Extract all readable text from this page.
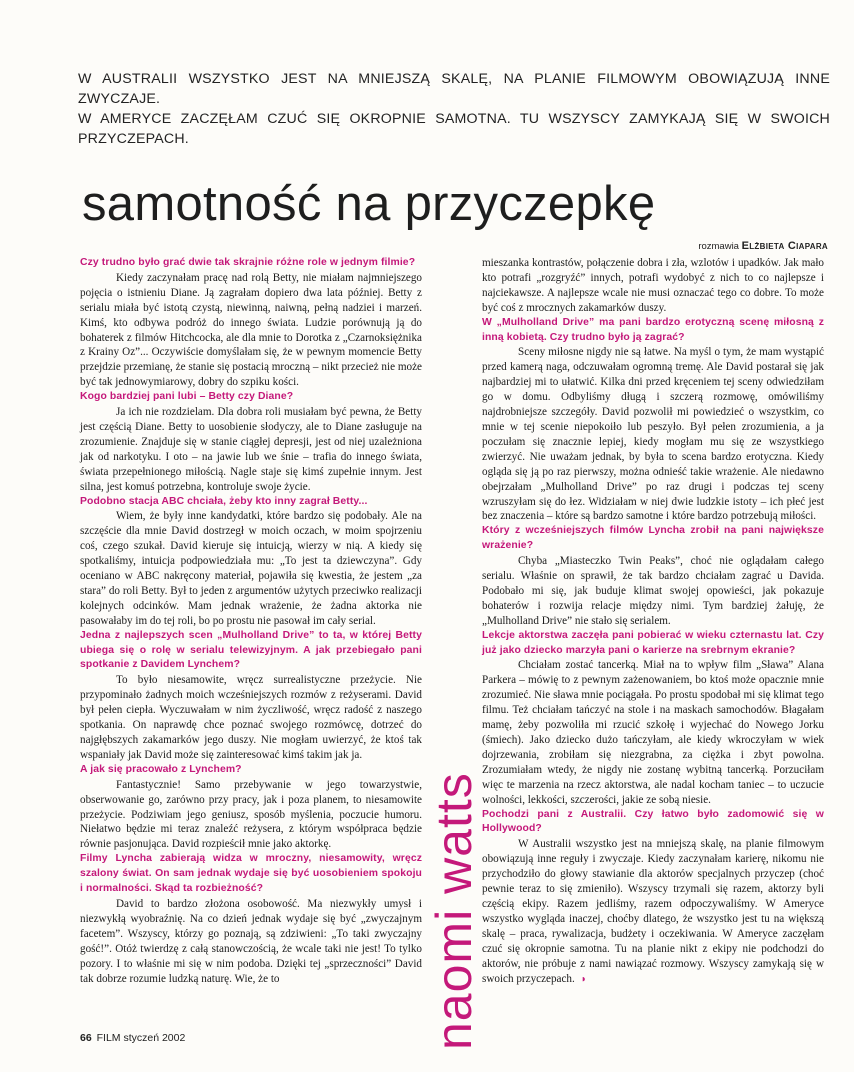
W AUSTRALII WSZYSTKO JEST NA MNIEJSZĄ SKALĘ, NA PLANIE FILMOWYM OBOWIĄZUJĄ INNE ZWYCZAJE.
W AMERYCE ZACZĘŁAM CZUĆ SIĘ OKROPNIE SAMOTNA. TU WSZYSCY ZAMYKAJĄ SIĘ W SWOICH PRZYCZEPACH.
samotność na przyczepkę
rozmawia Elżbieta Ciapara
Czy trudno było grać dwie tak skrajnie różne role w jednym filmie?

Kiedy zaczynałam pracę nad rolą Betty, nie miałam najmniejszego pojęcia o istnieniu Diane. Ją zagrałam dopiero dwa lata później. Betty z serialu miała być istotą czystą, niewinną, naiwną, pełną nadziei i marzeń. Kimś, kto odbywa podróż do innego świata. Ludzie porównują ją do bohaterek z filmów Hitchcocka, ale dla mnie to Dorotka z „Czarnoksiężnika z Krainy Oz”... Oczywiście domyślałam się, że w pewnym momencie Betty przejdzie przemianę, że stanie się postacią mroczną – nikt przecież nie może być tak jednowymiarowy, dobry do szpiku kości.

Kogo bardziej pani lubi – Betty czy Diane?

Ja ich nie rozdzielam. Dla dobra roli musiałam być pewna, że Betty jest częścią Diane. Betty to uosobienie słodyczy, ale to Diane zasługuje na zrozumienie. Znajduje się w stanie ciągłej depresji, jest od niej uzależniona jak od narkotyku. I oto – na jawie lub we śnie – trafia do innego świata, świata przepełnionego miłością. Nagle staje się kimś zupełnie innym. Jest silna, jest komuś potrzebna, kontroluje swoje życie.

Podobno stacja ABC chciała, żeby kto inny zagrał Betty...

Wiem, że były inne kandydatki, które bardzo się podobały. Ale na szczęście dla mnie David dostrzegł w moich oczach, w moim spojrzeniu coś, czego szukał. David kieruje się intuicją, wierzy w nią. A kiedy się spotkaliśmy, intuicja podpowiedziała mu: „To jest ta dziewczyna”. Gdy oceniano w ABC nakręcony materiał, pojawiła się kwestia, że jestem „za stara” do roli Betty. Był to jeden z argumentów użytych przeciwko realizacji kolejnych odcinków. Mam jednak wrażenie, że żadna aktorka nie pasowałaby im do tej roli, bo po prostu nie pasował im cały serial.

Jedna z najlepszych scen „Mulholland Drive” to ta, w której Betty ubiega się o rolę w serialu telewizyjnym. A jak przebiegało pani spotkanie z Davidem Lynchem?

To było niesamowite, wręcz surrealistyczne przeżycie. Nie przypominało żadnych moich wcześniejszych rozmów z reżyserami. David był pełen ciepła. Wyczuwałam w nim życzliwość, wręcz radość z naszego spotkania. On naprawdę chce poznać swojego rozmówcę, dotrzeć do najgłębszych zakamarków jego duszy. Nie mogłam uwierzyć, że ktoś tak wspaniały jak David może się zainteresować kimś takim jak ja.

A jak się pracowało z Lynchem?

Fantastycznie! Samo przebywanie w jego towarzystwie, obserwowanie go, zarówno przy pracy, jak i poza planem, to niesamowite przeżycie. Podziwiam jego geniusz, sposób myślenia, poczucie humoru. Niełatwo będzie mi teraz znaleźć reżysera, z którym współpraca będzie równie pasjonująca. David rozpieścił mnie jako aktorkę.

Filmy Lyncha zabierają widza w mroczny, niesamowity, wręcz szalony świat. On sam jednak wydaje się być uosobieniem spokoju i normalności. Skąd ta rozbieżność?

David to bardzo złożona osobowość. Ma niezwykły umysł i niezwykłą wyobraźnię. Na co dzień jednak wydaje się być „zwyczajnym facetem”. Wszyscy, którzy go poznają, są zdziwieni: „To taki zwyczajny gość!”. Otóż twierdzę z całą stanowczością, że wcale taki nie jest! To tylko pozory. I to właśnie mi się w nim podoba. Dzięki tej „sprzeczności” David tak dobrze rozumie ludzką naturę. Wie, że to

mieszanka kontrastów, połączenie dobra i zła, wzlotów i upadków. Jak mało kto potrafi „rozgryźć” innych, potrafi wydobyć z nich to co najlepsze i najciekawsze. A najlepsze wcale nie musi oznaczać tego co dobre. To może być coś z mrocznych zakamarków duszy.

W „Mulholland Drive” ma pani bardzo erotyczną scenę miłosną z inną kobietą. Czy trudno było ją zagrać?

Sceny miłosne nigdy nie są łatwe. Na myśl o tym, że mam wystąpić przed kamerą naga, odczuwałam ogromną tremę. Ale David postarał się jak najbardziej mi to ułatwić. Kilka dni przed kręceniem tej sceny odwiedziłam go w domu. Odbyliśmy długą i szczerą rozmowę, omówiliśmy najdrobniejsze szczegóły. David pozwolił mi powiedzieć o wszystkim, co mnie w tej scenie niepokoiło lub peszyło. Był pełen zrozumienia, a ja poczułam się znacznie lepiej, kiedy mogłam mu się ze wszystkiego zwierzyć. Nie uważam jednak, by była to scena bardzo erotyczna. Kiedy ogląda się ją po raz pierwszy, można odnieść takie wrażenie. Ale niedawno obejrzałam „Mulholland Drive” po raz drugi i podczas tej sceny wzruszyłam się do łez. Widziałam w niej dwie ludzkie istoty – ich płeć jest bez znaczenia – które są bardzo samotne i które bardzo potrzebują miłości.

Który z wcześniejszych filmów Lyncha zrobił na pani największe wrażenie?

Chyba „Miasteczko Twin Peaks”, choć nie oglądałam całego serialu. Właśnie on sprawił, że tak bardzo chciałam zagrać u Davida. Podobało mi się, jak buduje klimat swojej opowieści, jak pokazuje bohaterów i rozwija relacje między nimi. Tym bardziej żałuję, że „Mulholland Drive” nie stało się serialem.

Lekcje aktorstwa zaczęła pani pobierać w wieku czternastu lat. Czy już jako dziecko marzyła pani o karierze na srebrnym ekranie?

Chciałam zostać tancerką. Miał na to wpływ film „Sława” Alana Parkera – mówię to z pewnym zażenowaniem, bo ktoś może opacznie mnie zrozumieć. Nie sława mnie pociągała. Po prostu spodobał mi się klimat tego filmu. Też chciałam tańczyć na stole i na maskach samochodów. Błagałam mamę, żeby pozwoliła mi rzucić szkołę i wyjechać do Nowego Jorku (śmiech). Jako dziecko dużo tańczyłam, ale kiedy wkroczyłam w wiek dojrzewania, zrobiłam się niezgrabna, za ciężka i zbyt powolna. Zrozumiałam wtedy, że nigdy nie zostanę wybitną tancerką. Porzuciłam więc te marzenia na rzecz aktorstwa, ale nadal kocham taniec – to uczucie wolności, lekkości, szczerości, jakie ze sobą niesie.

Pochodzi pani z Australii. Czy łatwo było zadomowić się w Hollywood?

W Australii wszystko jest na mniejszą skalę, na planie filmowym obowiązują inne reguły i zwyczaje. Kiedy zaczynałam karierę, nikomu nie przychodziło do głowy stawianie dla aktorów specjalnych przyczep (choć pewnie teraz to się zmieniło). Wszyscy trzymali się razem, aktorzy byli częścią ekipy. Razem jedliśmy, razem odpoczywaliśmy. W Ameryce wszystko wygląda inaczej, choćby dlatego, że wszystko jest tu na większą skalę – praca, rywalizacja, budżety i oczekiwania. W Ameryce zaczęłam czuć się okropnie samotna. Tu na planie nikt z ekipy nie podchodzi do aktorów, nie próbuje z nami nawiązać rozmowy. Wszyscy zamykają się w swoich przyczepach. ◗

naomi watts
66 FILM styczeń 2002
